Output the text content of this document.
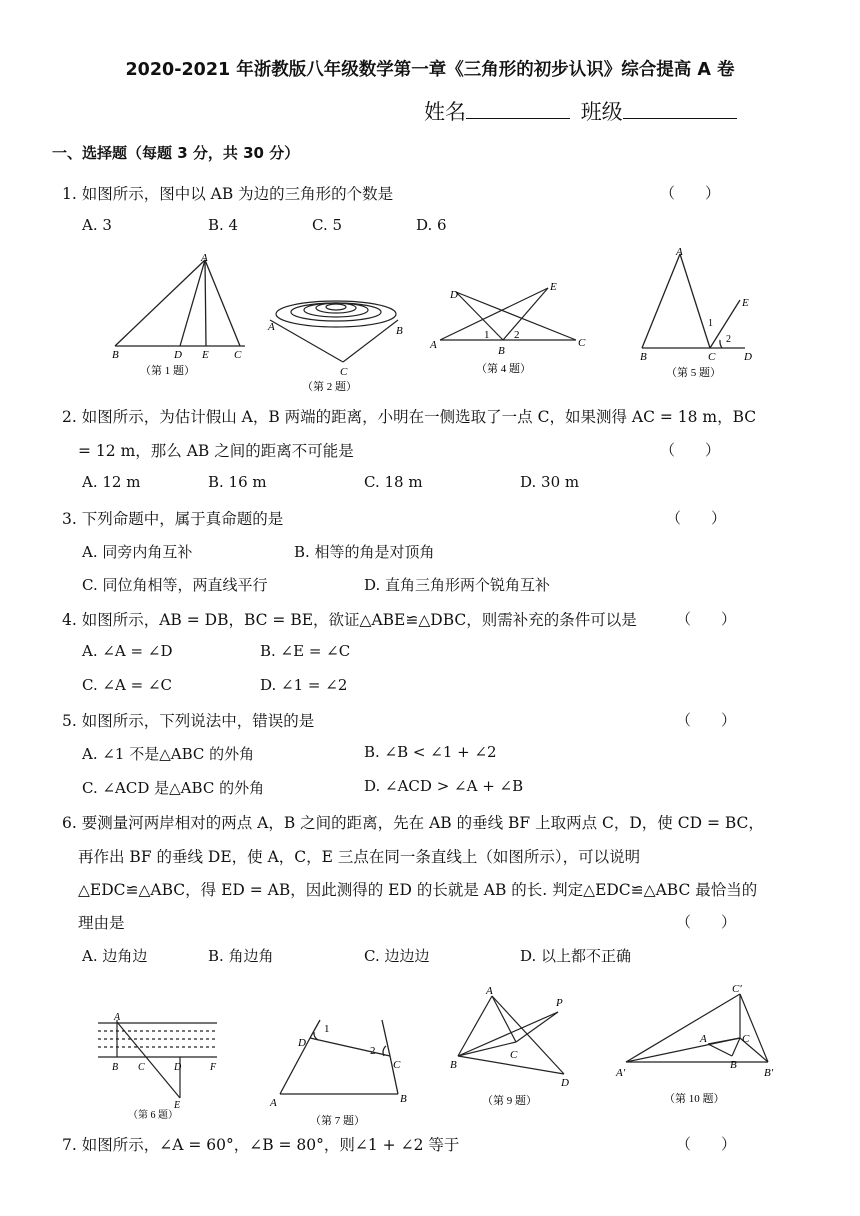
2020-2021 年浙教版八年级数学第一章《三角形的初步认识》综合提高 A 卷
姓名	班级
一、选择题（每题 3 分，共 30 分）
1. 如图所示，图中以 AB 为边的三角形的个数是	（　　）
A. 3	B. 4	C. 5	D. 6
A
B	D E C
（第 1 题）
A	B
C
（第 2 题）
D
E
A	B
C
1 2
（第 4 题）
A
B	C	D
E
1
2
（第 5 题）
2. 如图所示，为估计假山 A，B 两端的距离，小明在一侧选取了一点 C，如果测得 AC = 18 m，BC
= 12 m，那么 AB 之间的距离不可能是	（　　）
A. 12 m	B. 16 m	C. 18 m	D. 30 m
3. 下列命题中，属于真命题的是	（　　）
A. 同旁内角互补	B. 相等的角是对顶角
C. 同位角相等，两直线平行	D. 直角三角形两个锐角互补
4. 如图所示，AB = DB，BC = BE，欲证△ABE≌△DBC，则需补充的条件可以是	（　　）
A. ∠A = ∠D	B. ∠E = ∠C
C. ∠A = ∠C	D. ∠1 = ∠2
5. 如图所示，下列说法中，错误的是	（　　）
A. ∠1 不是△ABC 的外角	B. ∠B < ∠1 + ∠2
C. ∠ACD 是△ABC 的外角	D. ∠ACD > ∠A + ∠B
6. 要测量河两岸相对的两点 A，B 之间的距离，先在 AB 的垂线 BF 上取两点 C，D，使 CD = BC，
再作出 BF 的垂线 DE，使 A，C，E 三点在同一条直线上（如图所示），可以说明
△EDC≌△ABC，得 ED = AB，因此测得的 ED 的长就是 AB 的长. 判定△EDC≌△ABC 最恰当的
理由是	（　　）
A. 边角边	B. 角边角	C. 边边边	D. 以上都不正确
A
B C	D	F
E
（第 6 题）
D
1
2
C
A	B
（第 7 题）
A
P
C
B
D
（第 9 题）
C′
A	C
B
A′	B′
（第 10 题）
7. 如图所示，∠A = 60°，∠B = 80°，则∠1 + ∠2 等于	（　　）
